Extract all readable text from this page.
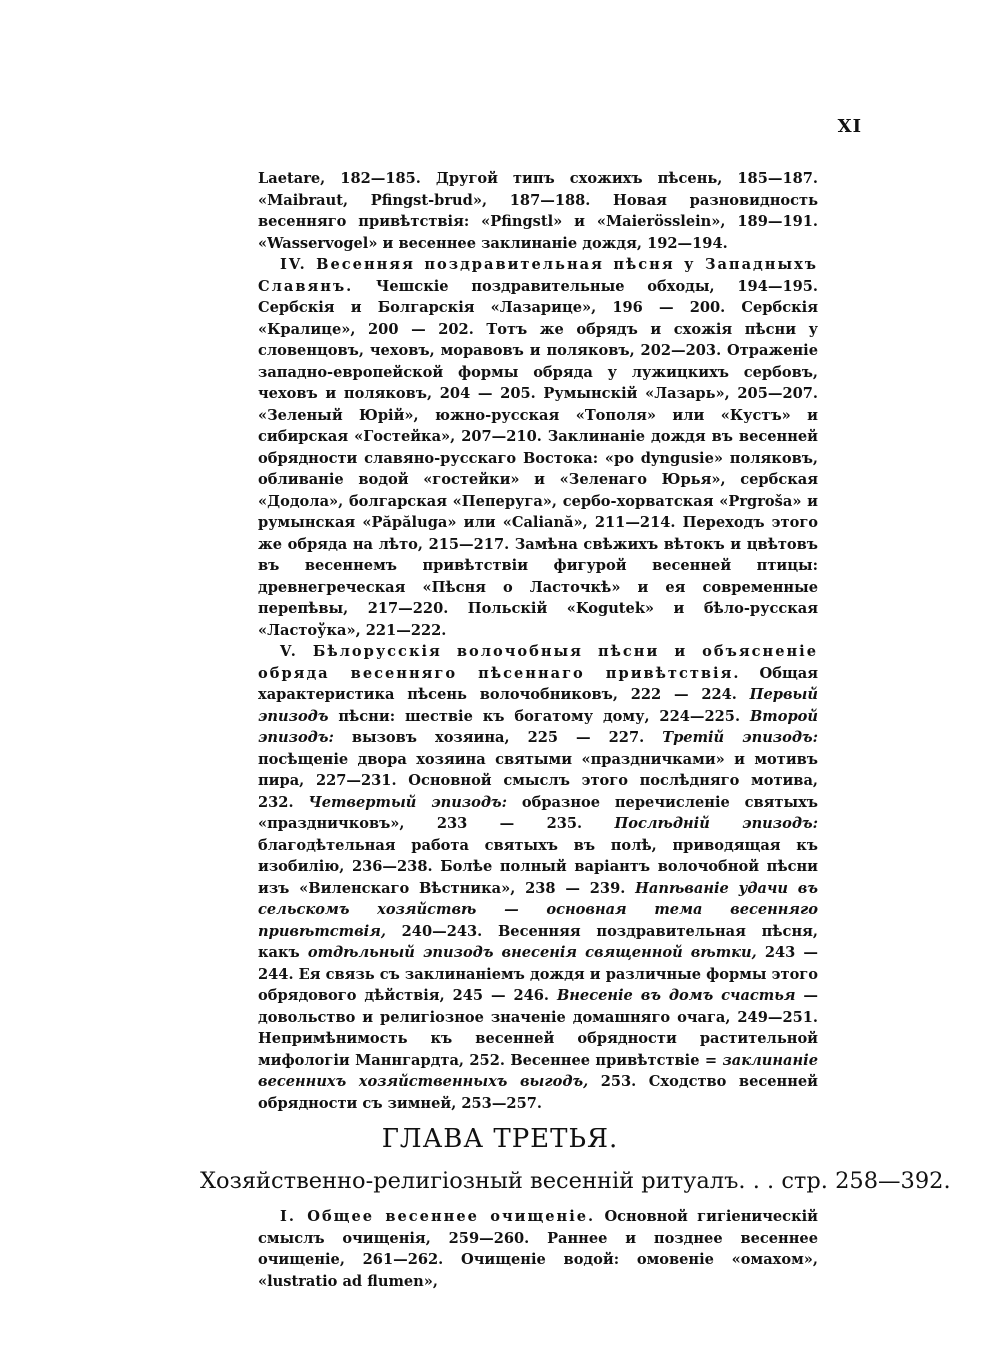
XI

Laetare, 182—185. Другой типъ схожихъ пѣсень, 185—187. «Maibraut, Pfingst-brud», 187—188. Новая разновидность весенняго привѣтствія: «Pfingstl» и «Maierösslein», 189—191. «Wasservogel» и весеннее заклинаніе дождя, 192—194.

IV. Весенняя поздравительная пѣсня у Западныхъ Славянъ. Чешскіе поздравительные обходы, 194—195. Сербскія и Болгарскія «Лазарице», 196 — 200. Сербскія «Кралице», 200 — 202. Тотъ же обрядъ и схожія пѣсни у словенцовъ, чеховъ, моравовъ и поляковъ, 202—203. Отраженіе западно-европейской формы обряда у лужицкихъ сербовъ, чеховъ и поляковъ, 204 — 205. Румынскій «Лазарь», 205—207. «Зеленый Юрій», южно-русская «Тополя» или «Кустъ» и сибирская «Гостейка», 207—210. Заклинаніе дождя въ весенней обрядности славяно-русскаго Востока: «po dyngusie» поляковъ, обливаніе водой «гостейки» и «Зеленаго Юрья», сербская «Додола», болгарская «Пеперуга», сербо-хорватская «Prgrоšа» и румынская «Păpăluga» или «Caliană», 211—214. Переходъ этого же обряда на лѣто, 215—217. Замѣна свѣжихъ вѣтокъ и цвѣтовъ въ весеннемъ привѣтствіи фигурой весенней птицы: древнегреческая «Пѣсня о Ласточкѣ» и ея современные перепѣвы, 217—220. Польскій «Kogutek» и бѣло-русская «Ластоўка», 221—222.

V. Бѣлорусскія волочобныя пѣсни и объясненіе обряда весенняго пѣсеннаго привѣтствія. Общая характеристика пѣсень волочобниковъ, 222 — 224. Первый эпизодъ пѣсни: шествіе къ богатому дому, 224—225. Второй эпизодъ: вызовъ хозяина, 225 — 227. Третій эпизодъ: посѣщеніе двора хозяина святыми «праздничками» и мотивъ пира, 227—231. Основной смыслъ этого послѣдняго мотива, 232. Четвертый эпизодъ: образное перечисленіе святыхъ «праздничковъ», 233 — 235. Послѣдній эпизодъ: благодѣтельная работа святыхъ въ полѣ, приводящая къ изобилію, 236—238. Болѣе полный варіантъ волочобной пѣсни изъ «Виленскаго Вѣстника», 238 — 239. Напѣваніе удачи въ сельскомъ хозяйствѣ — основная тема весенняго привѣтствія, 240—243. Весенняя поздравительная пѣсня, какъ отдѣльный эпизодъ внесенія священной вѣтки, 243 — 244. Ея связь съ заклинаніемъ дождя и различные формы этого обрядового дѣйствія, 245 — 246. Внесеніе въ домъ счастья — довольство и религіозное значеніе домашняго очага, 249—251. Непримѣнимость къ весенней обрядности растительной мифологіи Маннгардта, 252. Весеннее привѣтствіе = заклинаніе весеннихъ хозяйственныхъ выгодъ, 253. Сходство весенней обрядности съ зимней, 253—257.

ГЛАВА ТРЕТЬЯ.
Хозяйственно-религіозный весенній ритуалъ. . . стр. 258—392.

I. Общее весеннее очищеніе. Основной гигіеническій смыслъ очищенія, 259—260. Раннее и позднее весеннее очищеніе, 261—262. Очищеніе водой: омовеніе «омахом», «lustratio ad flumen»,
